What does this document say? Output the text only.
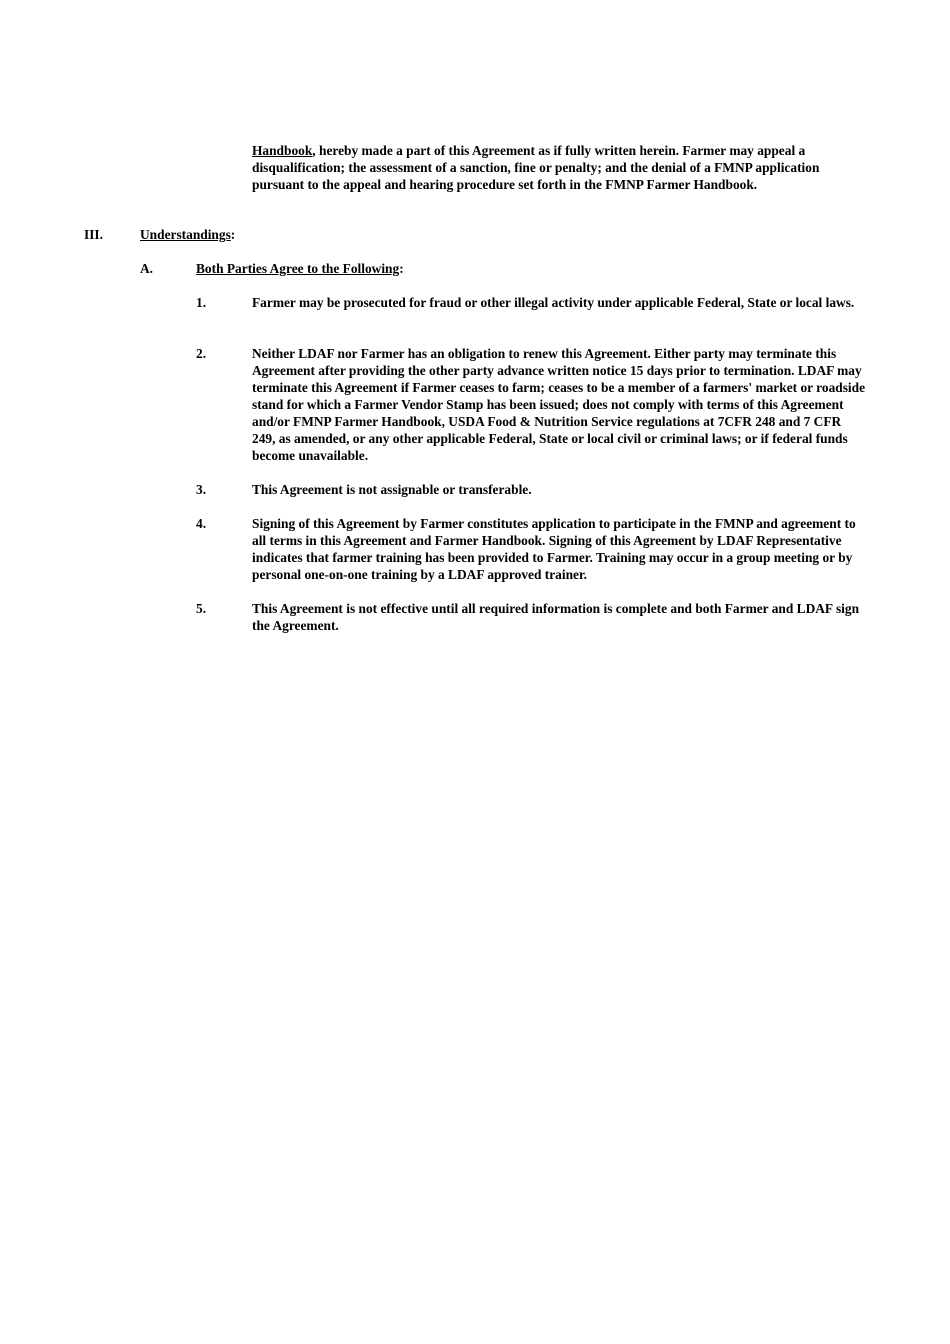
Handbook, hereby made a part of this Agreement as if fully written herein. Farmer may appeal a disqualification; the assessment of a sanction, fine or penalty; and the denial of a FMNP application pursuant to the appeal and hearing procedure set forth in the FMNP Farmer Handbook.

III.	Understandings:
A.	Both Parties Agree to the Following:
1.	Farmer may be prosecuted for fraud or other illegal activity under applicable Federal, State or local laws.
2.	Neither LDAF nor Farmer has an obligation to renew this Agreement. Either party may terminate this Agreement after providing the other party advance written notice 15 days prior to termination. LDAF may terminate this Agreement if Farmer ceases to farm; ceases to be a member of a farmers' market or roadside stand for which a Farmer Vendor Stamp has been issued; does not comply with terms of this Agreement and/or FMNP Farmer Handbook, USDA Food & Nutrition Service regulations at 7CFR 248 and 7 CFR 249, as amended, or any other applicable Federal, State or local civil or criminal laws; or if federal funds become unavailable.
3.	This Agreement is not assignable or transferable.
4.	Signing of this Agreement by Farmer constitutes application to participate in the FMNP and agreement to all terms in this Agreement and Farmer Handbook. Signing of this Agreement by LDAF Representative indicates that farmer training has been provided to Farmer. Training may occur in a group meeting or by personal one-on-one training by a LDAF approved trainer.
5.	This Agreement is not effective until all required information is complete and both Farmer and LDAF sign the Agreement.
